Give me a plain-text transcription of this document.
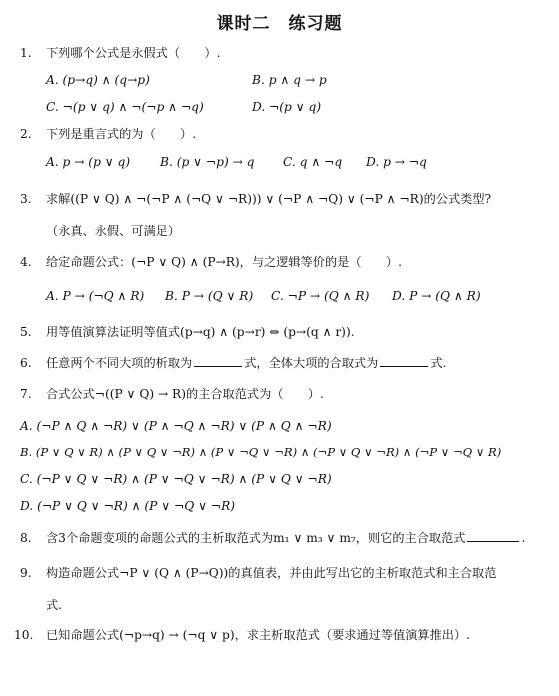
课时二　练习题
1. 下列哪个公式是永假式（　　）.
A. (p→q) ∧ (q→p)	B. p ∧ q → p
C. ¬(p ∨ q) ∧ ¬(¬p ∧ ¬q)	D. ¬(p ∨ q)
2. 下列是重言式的为（　　）.
A. p → (p ∨ q) B. (p ∨ ¬p) → q C. q ∧ ¬q D. p → ¬q
3. 求解((P ∨ Q) ∧ ¬(¬P ∧ (¬Q ∨ ¬R))) ∨ (¬P ∧ ¬Q) ∨ (¬P ∧ ¬R)的公式类型?
（永真、永假、可满足）
4. 给定命题公式：(¬P ∨ Q) ∧ (P→R)，与之逻辑等价的是（　　）.
A. P → (¬Q ∧ R) B. P → (Q ∨ R) C. ¬P → (Q ∧ R) D. P → (Q ∧ R)
5. 用等值演算法证明等值式(p→q) ∧ (p→r) ⇔ (p→(q ∧ r)).
6. 任意两个不同大项的析取为	式，全体大项的合取式为	式.
7. 合式公式¬((P ∨ Q) → R)的主合取范式为（　　）.
A. (¬P ∧ Q ∧ ¬R) ∨ (P ∧ ¬Q ∧ ¬R) ∨ (P ∧ Q ∧ ¬R)
B. (P ∨ Q ∨ R) ∧ (P ∨ Q ∨ ¬R) ∧ (P ∨ ¬Q ∨ ¬R) ∧ (¬P ∨ Q ∨ ¬R) ∧ (¬P ∨ ¬Q ∨ R)
C. (¬P ∨ Q ∨ ¬R) ∧ (P ∨ ¬Q ∨ ¬R) ∧ (P ∨ Q ∨ ¬R)
D. (¬P ∨ Q ∨ ¬R) ∧ (P ∨ ¬Q ∨ ¬R)
8. 含3个命题变项的命题公式的主析取范式为m₁ ∨ m₃ ∨ m₇，则它的主合取范式	.
9. 构造命题公式¬P ∨ (Q ∧ (P→Q))的真值表，并由此写出它的主析取范式和主合取范
式.
10. 已知命题公式(¬p→q) → (¬q ∨ p)，求主析取范式（要求通过等值演算推出）.
